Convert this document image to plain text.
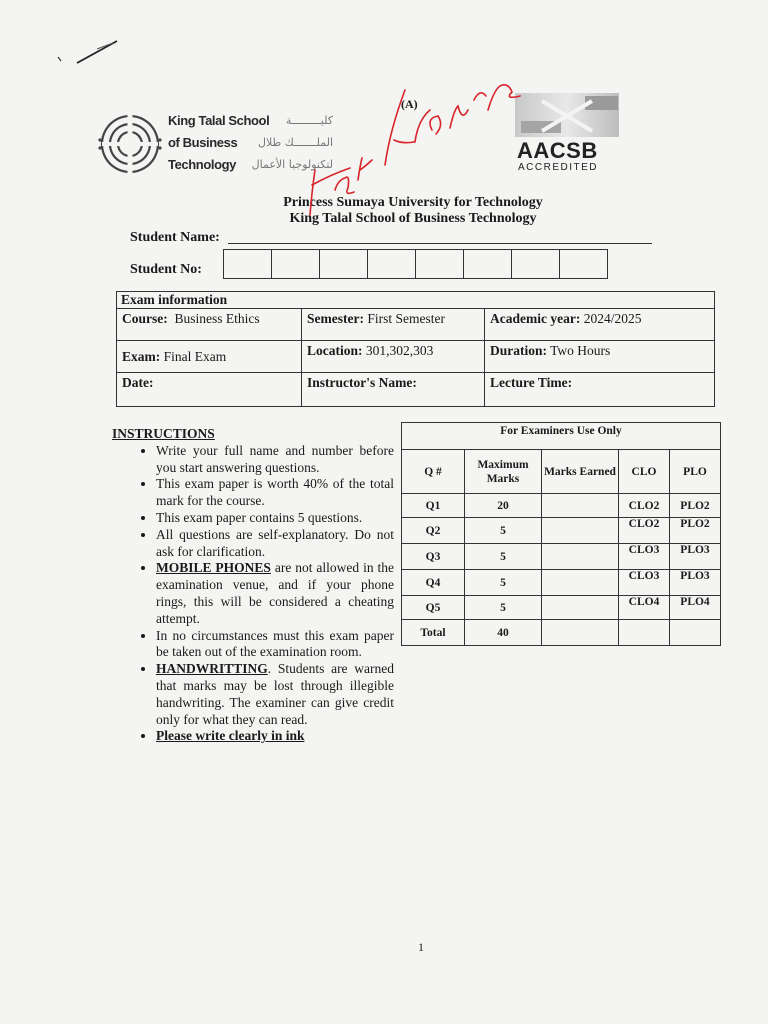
King Talal School
of Business
Technology
كليـــــــــة
الملـــــــك طلال
لتكنولوجيا الأعمال
(A)
AACSB
ACCREDITED
Princess Sumaya University for Technology
King Talal School of Business Technology
Student Name:
Student No:
Exam information		
Course:  Business Ethics	Semester: First Semester	Academic year: 2024/2025
Exam: Final Exam	Location: 301,302,303	Duration: Two Hours
Date:	Instructor's Name:	Lecture Time:
INSTRUCTIONS
• Write your full name and number before you start answering questions.
• This exam paper is worth 40% of the total mark for the course.
• This exam paper contains 5 questions.
• All questions are self-explanatory. Do not ask for clarification.
• MOBILE PHONES are not allowed in the examination venue, and if your phone rings, this will be considered a cheating attempt.
• In no circumstances must this exam paper be taken out of the examination room.
• HANDWRITTING. Students are warned that marks may be lost through illegible handwriting. The examiner can give credit only for what they can read.
• Please write clearly in ink
For Examiners Use Only				
Q #	Maximum Marks	Marks Earned	CLO	PLO
Q1	20		CLO2	PLO2
Q2	5		CLO2	PLO2
Q3	5		CLO3	PLO3
Q4	5		CLO3	PLO3
Q5	5		CLO4	PLO4
Total	40			
1
